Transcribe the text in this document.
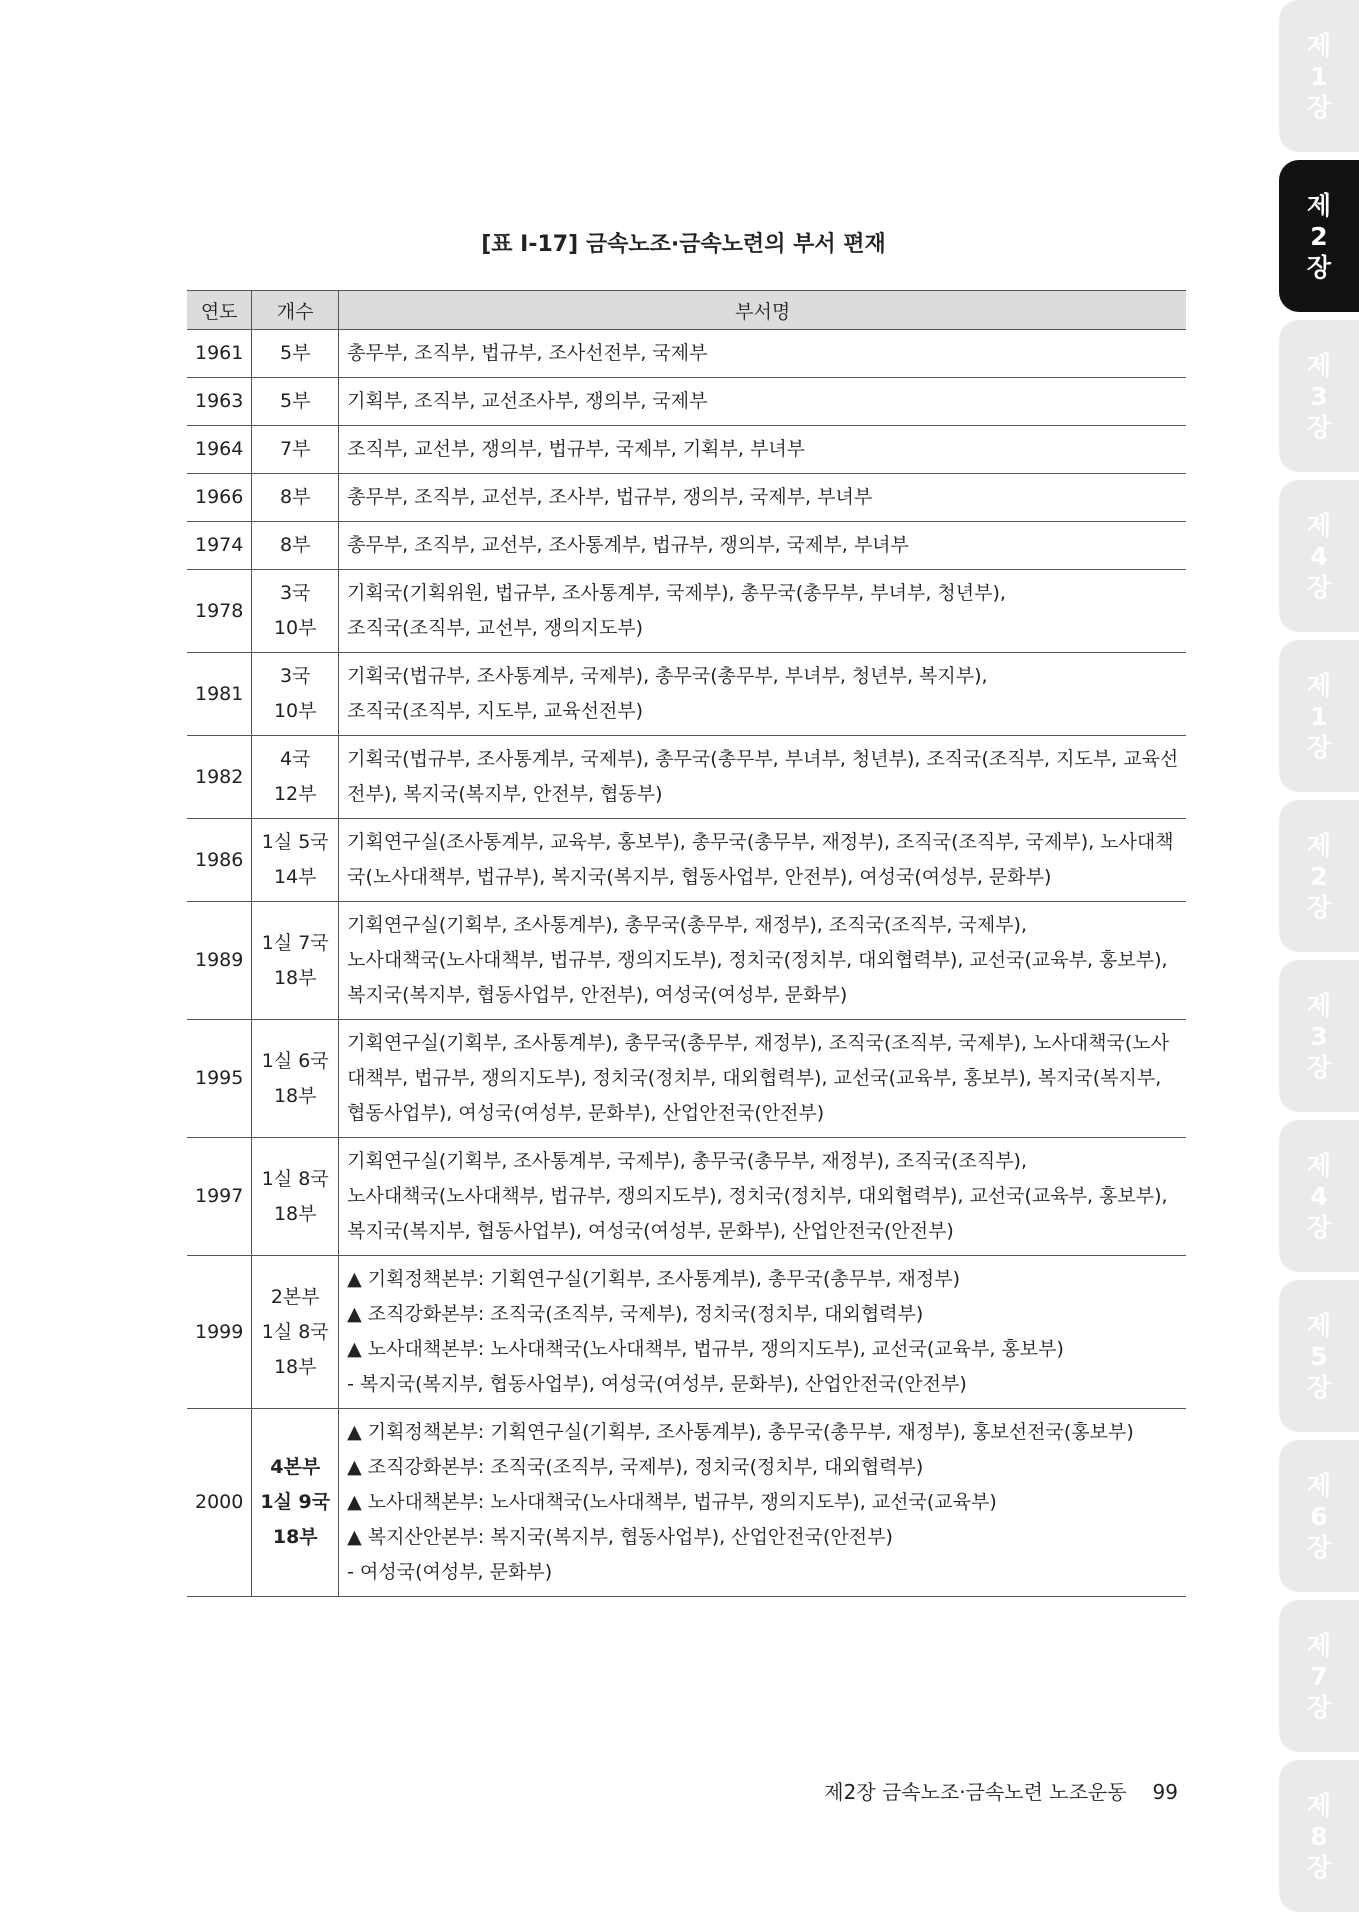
[표 Ⅰ-17] 금속노조·금속노련의 부서 편재
연도	개수	부서명
1961	5부	총무부, 조직부, 법규부, 조사선전부, 국제부

1963	5부	기획부, 조직부, 교선조사부, 쟁의부, 국제부

1964	7부	조직부, 교선부, 쟁의부, 법규부, 국제부, 기획부, 부녀부

1966	8부	총무부, 조직부, 교선부, 조사부, 법규부, 쟁의부, 국제부, 부녀부

1974	8부	총무부, 조직부, 교선부, 조사통계부, 법규부, 쟁의부, 국제부, 부녀부

1978	3국
10부	기획국(기획위원, 법규부, 조사통계부, 국제부), 총무국(총무부, 부녀부, 청년부),
조직국(조직부, 교선부, 쟁의지도부)

1981	3국
10부	기획국(법규부, 조사통계부, 국제부), 총무국(총무부, 부녀부, 청년부, 복지부),
조직국(조직부, 지도부, 교육선전부)

1982	4국
12부	기획국(법규부, 조사통계부, 국제부), 총무국(총무부, 부녀부, 청년부), 조직국(조직부, 지도부, 교육선
전부), 복지국(복지부, 안전부, 협동부)

1986	1실 5국
14부	기획연구실(조사통계부, 교육부, 홍보부), 총무국(총무부, 재정부), 조직국(조직부, 국제부), 노사대책
국(노사대책부, 법규부), 복지국(복지부, 협동사업부, 안전부), 여성국(여성부, 문화부)

1989	1실 7국
18부	기획연구실(기획부, 조사통계부), 총무국(총무부, 재정부), 조직국(조직부, 국제부),
노사대책국(노사대책부, 법규부, 쟁의지도부), 정치국(정치부, 대외협력부), 교선국(교육부, 홍보부),
복지국(복지부, 협동사업부, 안전부), 여성국(여성부, 문화부)

1995	1실 6국
18부	기획연구실(기획부, 조사통계부), 총무국(총무부, 재정부), 조직국(조직부, 국제부), 노사대책국(노사
대책부, 법규부, 쟁의지도부), 정치국(정치부, 대외협력부), 교선국(교육부, 홍보부), 복지국(복지부,
협동사업부), 여성국(여성부, 문화부), 산업안전국(안전부)

1997	1실 8국
18부	기획연구실(기획부, 조사통계부, 국제부), 총무국(총무부, 재정부), 조직국(조직부),
노사대책국(노사대책부, 법규부, 쟁의지도부), 정치국(정치부, 대외협력부), 교선국(교육부, 홍보부),
복지국(복지부, 협동사업부), 여성국(여성부, 문화부), 산업안전국(안전부)

1999	2본부
1실 8국
18부	▲ 기획정책본부: 기획연구실(기획부, 조사통계부), 총무국(총무부, 재정부)
▲ 조직강화본부: 조직국(조직부, 국제부), 정치국(정치부, 대외협력부)
▲ 노사대책본부: 노사대책국(노사대책부, 법규부, 쟁의지도부), 교선국(교육부, 홍보부)
- 복지국(복지부, 협동사업부), 여성국(여성부, 문화부), 산업안전국(안전부)

2000	4본부
1실 9국
18부	▲ 기획정책본부: 기획연구실(기획부, 조사통계부), 총무국(총무부, 재정부), 홍보선전국(홍보부)
▲ 조직강화본부: 조직국(조직부, 국제부), 정치국(정치부, 대외협력부)
▲ 노사대책본부: 노사대책국(노사대책부, 법규부, 쟁의지도부), 교선국(교육부)
▲ 복지산안본부: 복지국(복지부, 협동사업부), 산업안전국(안전부)
- 여성국(여성부, 문화부)
제2장 금속노조·금속노련 노조운동 99
제
1
장
제
2
장
제
3
장
제
4
장
제
1
장
제
2
장
제
3
장
제
4
장
제
5
장
제
6
장
제
7
장
제
8
장
